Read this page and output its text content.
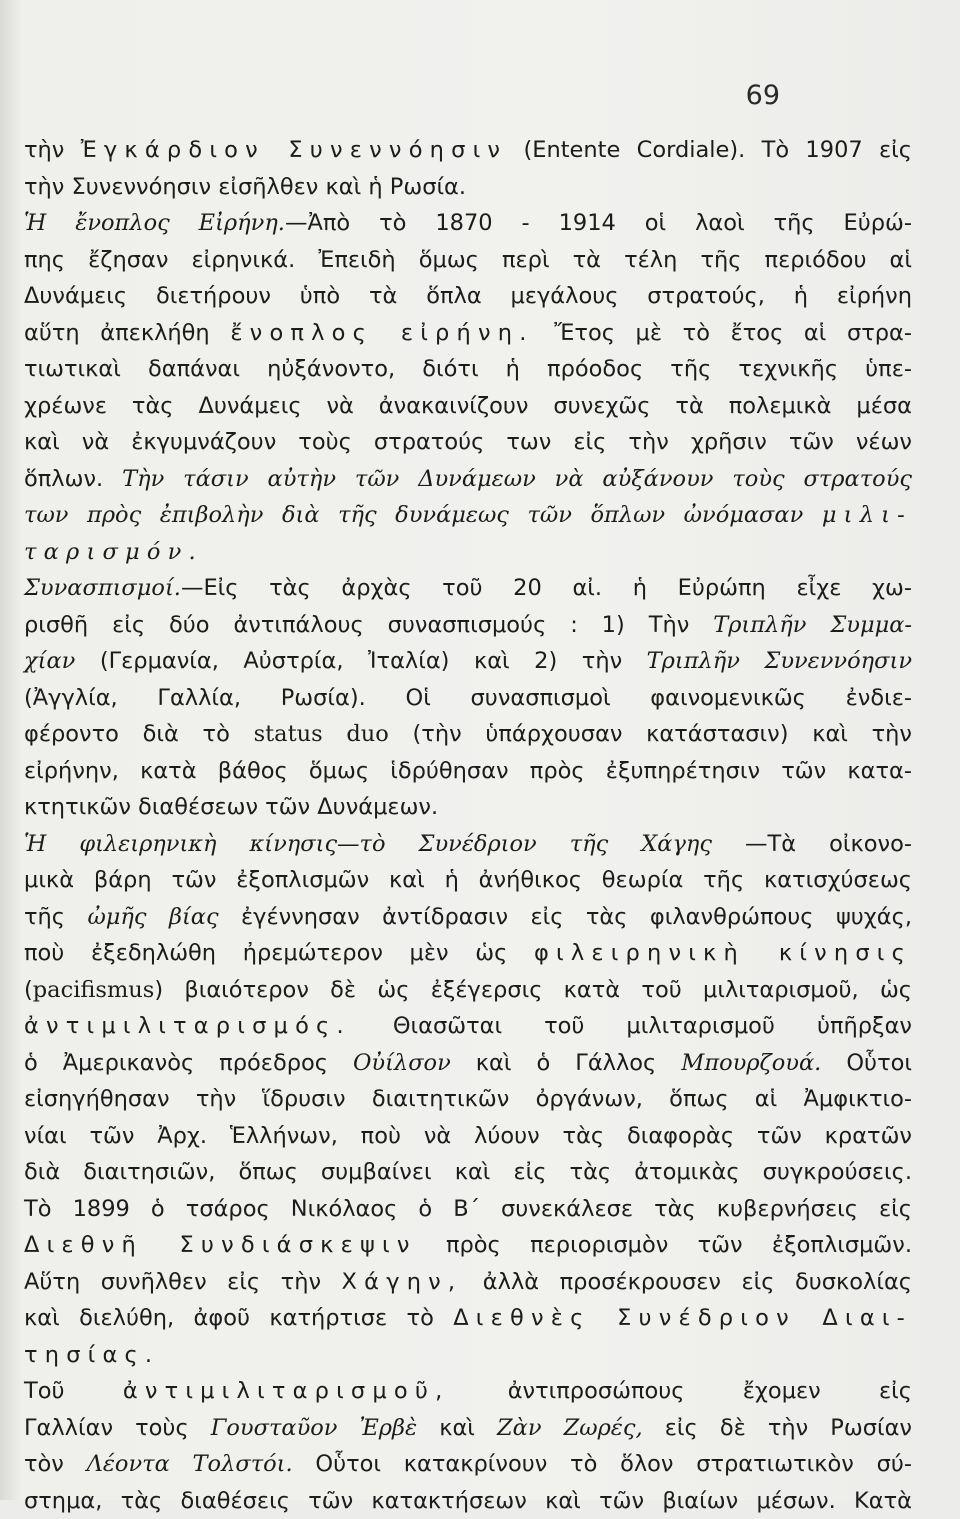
69
τὴν Ἐγκάρδιον Συνεννόησιν (Entente Cordiale). Τὸ 1907 εἰς
τὴν Συνεννόησιν εἰσῆλθεν καὶ ἡ Ρωσία.
Ἡ ἔνοπλος Εἰρήνη.—Ἀπὸ τὸ 1870 - 1914 οἱ λαοὶ τῆς Εὐρώ-
πης ἔζησαν εἰρηνικά. Ἐπειδὴ ὅμως περὶ τὰ τέλη τῆς περιόδου αἱ
Δυνάμεις διετήρουν ὑπὸ τὰ ὅπλα μεγάλους στρατούς, ἡ εἰρήνη
αὕτη ἀπεκλήθη ἔνοπλος εἰρήνη. Ἔτος μὲ τὸ ἔτος αἱ στρα-
τιωτικαὶ δαπάναι ηὐξάνοντο, διότι ἡ πρόοδος τῆς τεχνικῆς ὑπε-
χρέωνε τὰς Δυνάμεις νὰ ἀνακαινίζουν συνεχῶς τὰ πολεμικὰ μέσα
καὶ νὰ ἐκγυμνάζουν τοὺς στρατούς των εἰς τὴν χρῆσιν τῶν νέων
ὅπλων. Τὴν τάσιν αὐτὴν τῶν Δυνάμεων νὰ αὐξάνουν τοὺς στρατούς
των πρὸς ἐπιβολὴν διὰ τῆς δυνάμεως τῶν ὅπλων ὠνόμασαν μιλι-
ταρισμόν.
Συνασπισμοί.—Εἰς τὰς ἀρχὰς τοῦ 20 αἰ. ἡ Εὐρώπη εἶχε χω-
ρισθῆ εἰς δύο ἀντιπάλους συνασπισμούς : 1) Τὴν Τριπλῆν Συμμα-
χίαν (Γερμανία, Αὐστρία, Ἰταλία) καὶ 2) τὴν Τριπλῆν Συνεννόησιν
(Ἀγγλία, Γαλλία, Ρωσία). Οἱ συνασπισμοὶ φαινομενικῶς ἐνδιε-
φέροντο διὰ τὸ status duo (τὴν ὑπάρχουσαν κατάστασιν) καὶ τὴν
εἰρήνην, κατὰ βάθος ὅμως ἱδρύθησαν πρὸς ἐξυπηρέτησιν τῶν κατα-
κτητικῶν διαθέσεων τῶν Δυνάμεων.
Ἡ φιλειρηνικὴ κίνησις—τὸ Συνέδριον τῆς Χάγης —Τὰ οἰκονο-
μικὰ βάρη τῶν ἐξοπλισμῶν καὶ ἡ ἀνήθικος θεωρία τῆς κατισχύσεως
τῆς ὠμῆς βίας ἐγέννησαν ἀντίδρασιν εἰς τὰς φιλανθρώπους ψυχάς,
ποὺ ἐξεδηλώθη ἠρεμώτερον μὲν ὡς φιλειρηνικὴ κίνησις
(pacifismus) βιαιότερον δὲ ὡς ἐξέγερσις κατὰ τοῦ μιλιταρισμοῦ, ὡς
ἀντιμιλιταρισμός. Θιασῶται τοῦ μιλιταρισμοῦ ὑπῆρξαν
ὁ Ἀμερικανὸς πρόεδρος Οὐίλσον καὶ ὁ Γάλλος Μπουρζουά. Οὗτοι
εἰσηγήθησαν τὴν ἵδρυσιν διαιτητικῶν ὀργάνων, ὅπως αἱ Ἀμφικτιο-
νίαι τῶν Ἀρχ. Ἑλλήνων, ποὺ νὰ λύουν τὰς διαφορὰς τῶν κρατῶν
διὰ διαιτησιῶν, ὅπως συμβαίνει καὶ εἰς τὰς ἀτομικὰς συγκρούσεις.
Τὸ 1899 ὁ τσάρος Νικόλαος ὁ Β΄ συνεκάλεσε τὰς κυβερνήσεις εἰς
Διεθνῆ Συνδιάσκεψιν πρὸς περιορισμὸν τῶν ἐξοπλισμῶν.
Αὕτη συνῆλθεν εἰς τὴν Χάγην, ἀλλὰ προσέκρουσεν εἰς δυσκολίας
καὶ διελύθη, ἀφοῦ κατήρτισε τὸ Διεθνὲς Συνέδριον Διαι-
τησίας.
Τοῦ ἀντιμιλιταρισμοῦ, ἀντιπροσώπους ἔχομεν εἰς
Γαλλίαν τοὺς Γουσταῦον Ἐρβὲ καὶ Ζὰν Ζωρές, εἰς δὲ τὴν Ρωσίαν
τὸν Λέοντα Τολστόι. Οὗτοι κατακρίνουν τὸ ὅλον στρατιωτικὸν σύ-
στημα, τὰς διαθέσεις τῶν κατακτήσεων καὶ τῶν βιαίων μέσων. Κατὰ
